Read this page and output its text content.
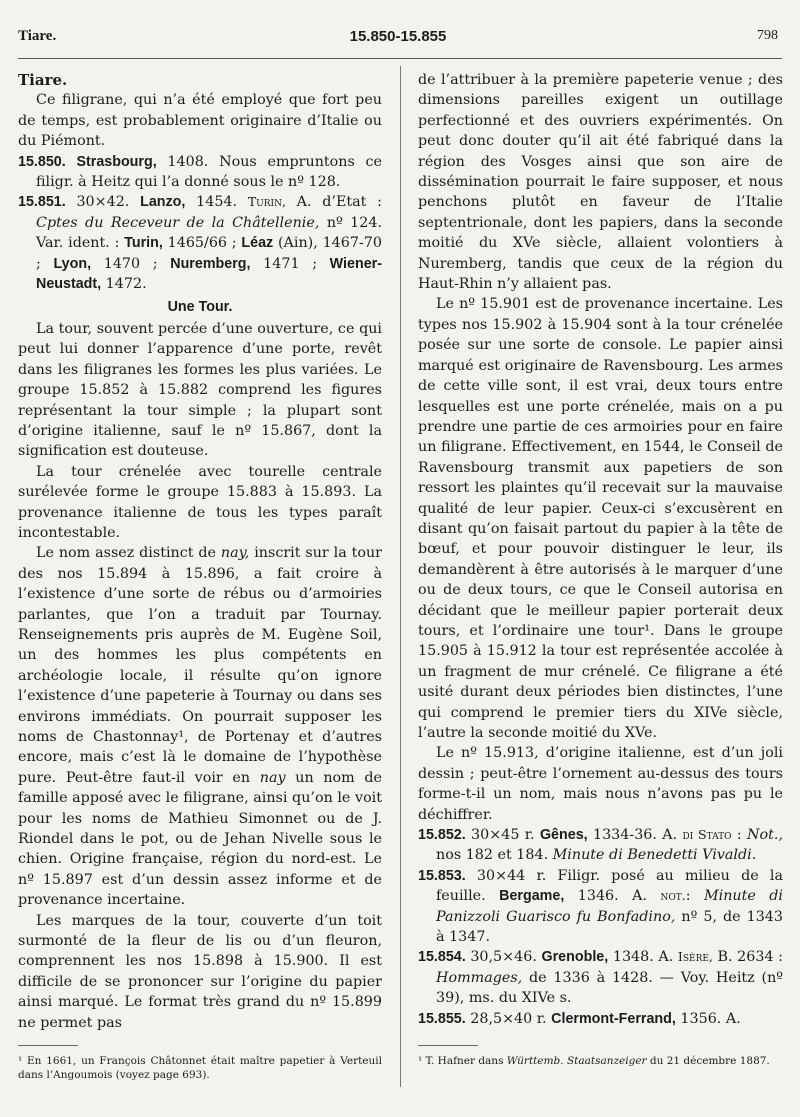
Tiare.	15.850-15.855	798

Tiare.

Ce filigrane, qui n’a été employé que fort peu de temps, est probablement originaire d’Italie ou du Piémont.

15.850. Strasbourg, 1408. Nous empruntons ce filigr. à Heitz qui l’a donné sous le nº 128.

15.851. 30×42. Lanzo, 1454. Turin, A. d’Etat : Cptes du Receveur de la Châtellenie, nº 124. Var. ident. : Turin, 1465/66 ; Léaz (Ain), 1467-70 ; Lyon, 1470 ; Nuremberg, 1471 ; Wiener-Neustadt, 1472.

Une Tour.

La tour, souvent percée d’une ouverture, ce qui peut lui donner l’apparence d’une porte, revêt dans les filigranes les formes les plus variées. Le groupe 15.852 à 15.882 comprend les figures représentant la tour simple ; la plupart sont d’origine italienne, sauf le nº 15.867, dont la signification est douteuse.

La tour crénelée avec tourelle centrale surélevée forme le groupe 15.883 à 15.893. La provenance italienne de tous les types paraît incontestable.

Le nom assez distinct de nay, inscrit sur la tour des nos 15.894 à 15.896, a fait croire à l’existence d’une sorte de rébus ou d’armoiries parlantes, que l’on a traduit par Tournay. Renseignements pris auprès de M. Eugène Soil, un des hommes les plus compétents en archéologie locale, il résulte qu’on ignore l’existence d’une papeterie à Tournay ou dans ses environs immédiats. On pourrait supposer les noms de Chastonnay¹, de Portenay et d’autres encore, mais c’est là le domaine de l’hypothèse pure. Peut-être faut-il voir en nay un nom de famille apposé avec le filigrane, ainsi qu’on le voit pour les noms de Mathieu Simonnet ou de J. Riondel dans le pot, ou de Jehan Nivelle sous le chien. Origine française, région du nord-est. Le nº 15.897 est d’un dessin assez informe et de provenance incertaine.

Les marques de la tour, couverte d’un toit surmonté de la fleur de lis ou d’un fleuron, comprennent les nos 15.898 à 15.900. Il est difficile de se prononcer sur l’origine du papier ainsi marqué. Le format très grand du nº 15.899 ne permet pas

de l’attribuer à la première papeterie venue ; des dimensions pareilles exigent un outillage perfectionné et des ouvriers expérimentés. On peut donc douter qu’il ait été fabriqué dans la région des Vosges ainsi que son aire de dissémination pourrait le faire supposer, et nous penchons plutôt en faveur de l’Italie septentrionale, dont les papiers, dans la seconde moitié du XVe siècle, allaient volontiers à Nuremberg, tandis que ceux de la région du Haut-Rhin n’y allaient pas.

Le nº 15.901 est de provenance incertaine. Les types nos 15.902 à 15.904 sont à la tour crénelée posée sur une sorte de console. Le papier ainsi marqué est originaire de Ravensbourg. Les armes de cette ville sont, il est vrai, deux tours entre lesquelles est une porte crénelée, mais on a pu prendre une partie de ces armoiries pour en faire un filigrane. Effectivement, en 1544, le Conseil de Ravensbourg transmit aux papetiers de son ressort les plaintes qu’il recevait sur la mauvaise qualité de leur papier. Ceux-ci s’excusèrent en disant qu’on faisait partout du papier à la tête de bœuf, et pour pouvoir distinguer le leur, ils demandèrent à être autorisés à le marquer d’une ou de deux tours, ce que le Conseil autorisa en décidant que le meilleur papier porterait deux tours, et l’ordinaire une tour¹. Dans le groupe 15.905 à 15.912 la tour est représentée accolée à un fragment de mur crénelé. Ce filigrane a été usité durant deux périodes bien distinctes, l’une qui comprend le premier tiers du XIVe siècle, l’autre la seconde moitié du XVe.

Le nº 15.913, d’origine italienne, est d’un joli dessin ; peut-être l’ornement au-dessus des tours forme-t-il un nom, mais nous n’avons pas pu le déchiffrer.

15.852. 30×45 r. Gênes, 1334-36. A. di Stato : Not., nos 182 et 184. Minute di Benedetti Vivaldi.

15.853. 30×44 r. Filigr. posé au milieu de la feuille. Bergame, 1346. A. not.: Minute di Panizzoli Guarisco fu Bonfadino, nº 5, de 1343 à 1347.

15.854. 30,5×46. Grenoble, 1348. A. Isère, B. 2634 : Hommages, de 1336 à 1428. — Voy. Heitz (nº 39), ms. du XIVe s.

15.855. 28,5×40 r. Clermont-Ferrand, 1356. A.

¹ En 1661, un François Châtonnet était maître papetier à Verteuil dans l’Angoumois (voyez page 693).

¹ T. Hafner dans Württemb. Staatsanzeiger du 21 décembre 1887.
